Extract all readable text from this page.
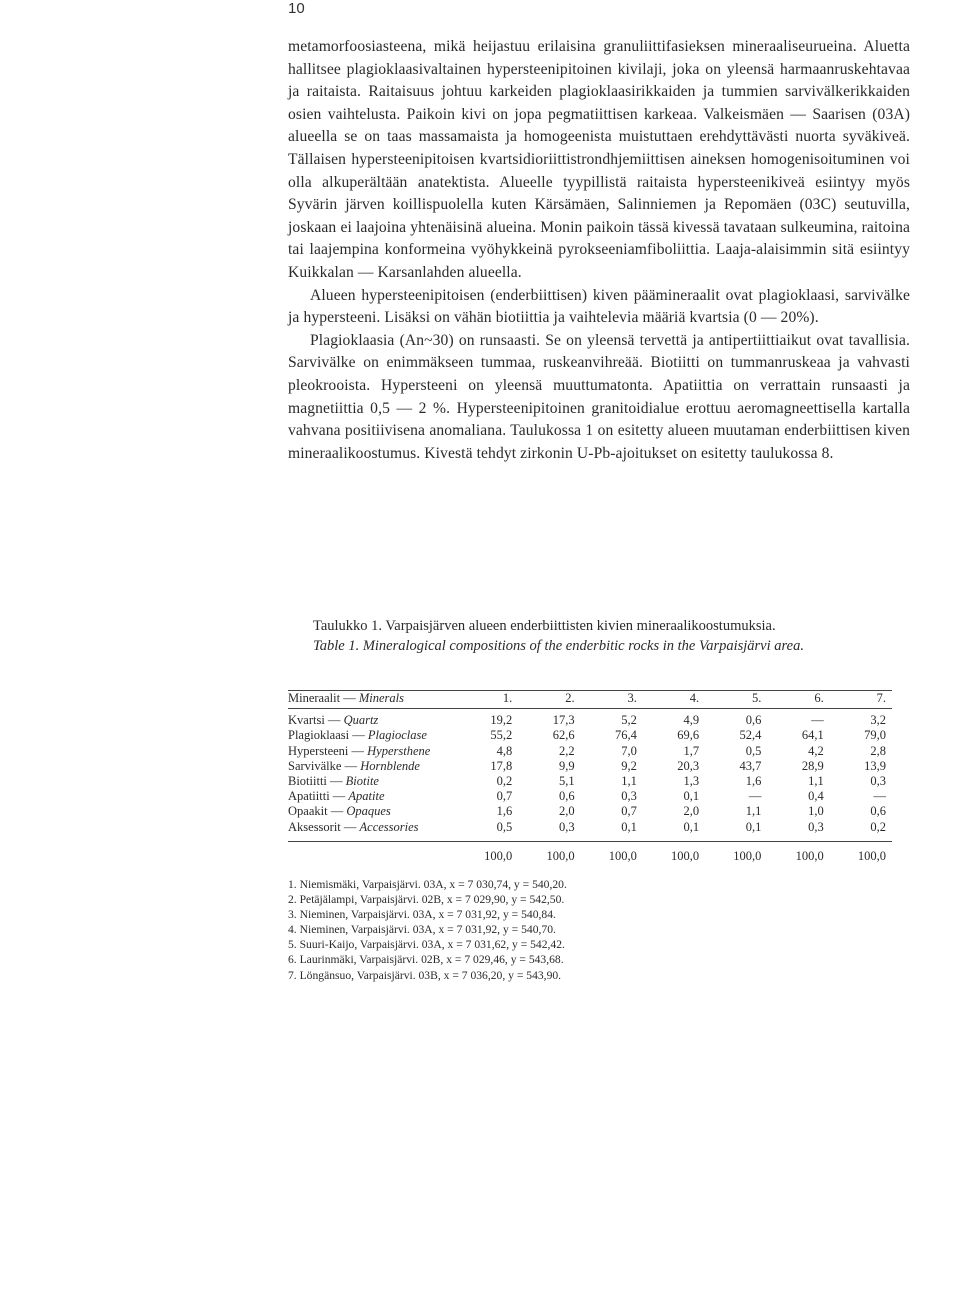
10

metamorfoosiasteena, mikä heijastuu erilaisina granuliittifasieksen mineraaliseurueina. Aluetta hallitsee plagioklaasivaltainen hypersteenipitoinen kivilaji, joka on yleensä harmaanruskehtavaa ja raitaista. Raitaisuus johtuu karkeiden plagioklaasirikkaiden ja tummien sarvivälkerikkaiden osien vaihtelusta. Paikoin kivi on jopa pegmatiittisen karkeaa. Valkeismäen — Saarisen (03A) alueella se on taas massamaista ja homogeenista muistuttaen erehdyttävästi nuorta syväkiveä. Tällaisen hypersteenipitoisen kvartsidioriittistrondhjemiittisen aineksen homogenisoituminen voi olla alkuperältään anatektista. Alueelle tyypillistä raitaista hypersteenikiveä esiintyy myös Syvärin järven koillispuolella kuten Kärsämäen, Salinniemen ja Repomäen (03C) seutuvilla, joskaan ei laajoina yhtenäisinä alueina. Monin paikoin tässä kivessä tavataan sulkeumina, raitoina tai laajempina konformeina vyöhykkeinä pyrokseeniamfiboliittia. Laaja-alaisimmin sitä esiintyy Kuikkalan — Karsanlahden alueella.

Alueen hypersteenipitoisen (enderbiittisen) kiven päämineraalit ovat plagioklaasi, sarvivälke ja hypersteeni. Lisäksi on vähän biotiittia ja vaihtelevia määriä kvartsia (0 — 20%).

Plagioklaasia (An~30) on runsaasti. Se on yleensä tervettä ja antipertiittiaikut ovat tavallisia. Sarvivälke on enimmäkseen tummaa, ruskeanvihreää. Biotiitti on tummanruskeaa ja vahvasti pleokrooista. Hypersteeni on yleensä muuttumatonta. Apatiittia on verrattain runsaasti ja magnetiittia 0,5 — 2 %. Hypersteenipitoinen granitoidialue erottuu aeromagneettisella kartalla vahvana positiivisena anomaliana. Taulukossa 1 on esitetty alueen muutaman enderbiittisen kiven mineraalikoostumus. Kivestä tehdyt zirkonin U-Pb-ajoitukset on esitetty taulukossa 8.

Taulukko 1. Varpaisjärven alueen enderbiittisten kivien mineraalikoostumuksia.
Table 1. Mineralogical compositions of the enderbitic rocks in the Varpaisjärvi area.
Mineraalit — Minerals	1.	2.	3.	4.	5.	6.	7.
Kvartsi — Quartz	19,2	17,3	5,2	4,9	0,6	—	3,2
Plagioklaasi — Plagioclase	55,2	62,6	76,4	69,6	52,4	64,1	79,0
Hypersteeni — Hypersthene	4,8	2,2	7,0	1,7	0,5	4,2	2,8
Sarvivälke — Hornblende	17,8	9,9	9,2	20,3	43,7	28,9	13,9
Biotiitti — Biotite	0,2	5,1	1,1	1,3	1,6	1,1	0,3
Apatiitti — Apatite	0,7	0,6	0,3	0,1	—	0,4	—
Opaakit — Opaques	1,6	2,0	0,7	2,0	1,1	1,0	0,6
Aksessorit — Accessories	0,5	0,3	0,1	0,1	0,1	0,3	0,2
	100,0	100,0	100,0	100,0	100,0	100,0	100,0
1. Niemismäki, Varpaisjärvi. 03A, x = 7 030,74, y = 540,20.
2. Petäjälampi, Varpaisjärvi. 02B, x = 7 029,90, y = 542,50.
3. Nieminen, Varpaisjärvi. 03A, x = 7 031,92, y = 540,84.
4. Nieminen, Varpaisjärvi. 03A, x = 7 031,92, y = 540,70.
5. Suuri-Kaijo, Varpaisjärvi. 03A, x = 7 031,62, y = 542,42.
6. Laurinmäki, Varpaisjärvi. 02B, x = 7 029,46, y = 543,68.
7. Löngänsuo, Varpaisjärvi. 03B, x = 7 036,20, y = 543,90.
